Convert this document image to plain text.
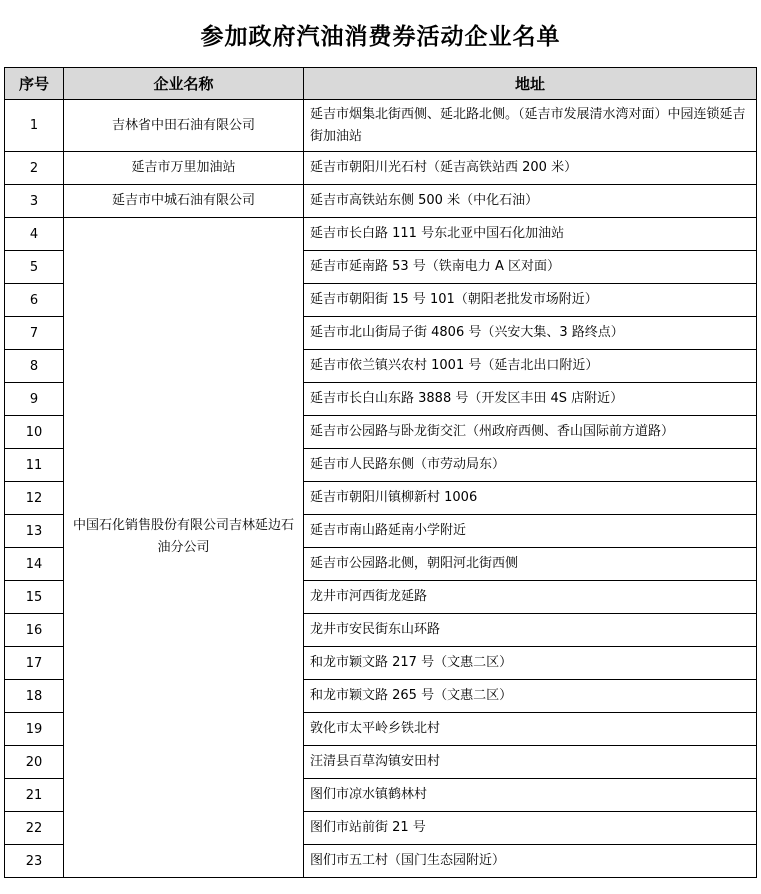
参加政府汽油消费券活动企业名单
序号	企业名称	地址
1	吉林省中田石油有限公司	延吉市烟集北街西侧、延北路北侧。（延吉市发展清水湾对面）中园连锁延吉街加油站
2	延吉市万里加油站	延吉市朝阳川光石村（延吉高铁站西 200 米）
3	延吉市中城石油有限公司	延吉市高铁站东侧 500 米（中化石油）
4	中国石化销售股份有限公司吉林延边石油分公司	延吉市长白路 111 号东北亚中国石化加油站
5		延吉市延南路 53 号（铁南电力 A 区对面）
6		延吉市朝阳街 15 号 101（朝阳老批发市场附近）
7		延吉市北山街局子街 4806 号（兴安大集、3 路终点）
8		延吉市依兰镇兴农村 1001 号（延吉北出口附近）
9		延吉市长白山东路 3888 号（开发区丰田 4S 店附近）
10		延吉市公园路与卧龙街交汇（州政府西侧、香山国际前方道路）
11		延吉市人民路东侧（市劳动局东）
12		延吉市朝阳川镇柳新村 1006
13		延吉市南山路延南小学附近
14		延吉市公园路北侧，朝阳河北街西侧
15		龙井市河西街龙延路
16		龙井市安民街东山环路
17		和龙市颖文路 217 号（文惠二区）
18		和龙市颖文路 265 号（文惠二区）
19		敦化市太平岭乡铁北村
20		汪清县百草沟镇安田村
21		图们市凉水镇鹤林村
22		图们市站前街 21 号
23		图们市五工村（国门生态园附近）
